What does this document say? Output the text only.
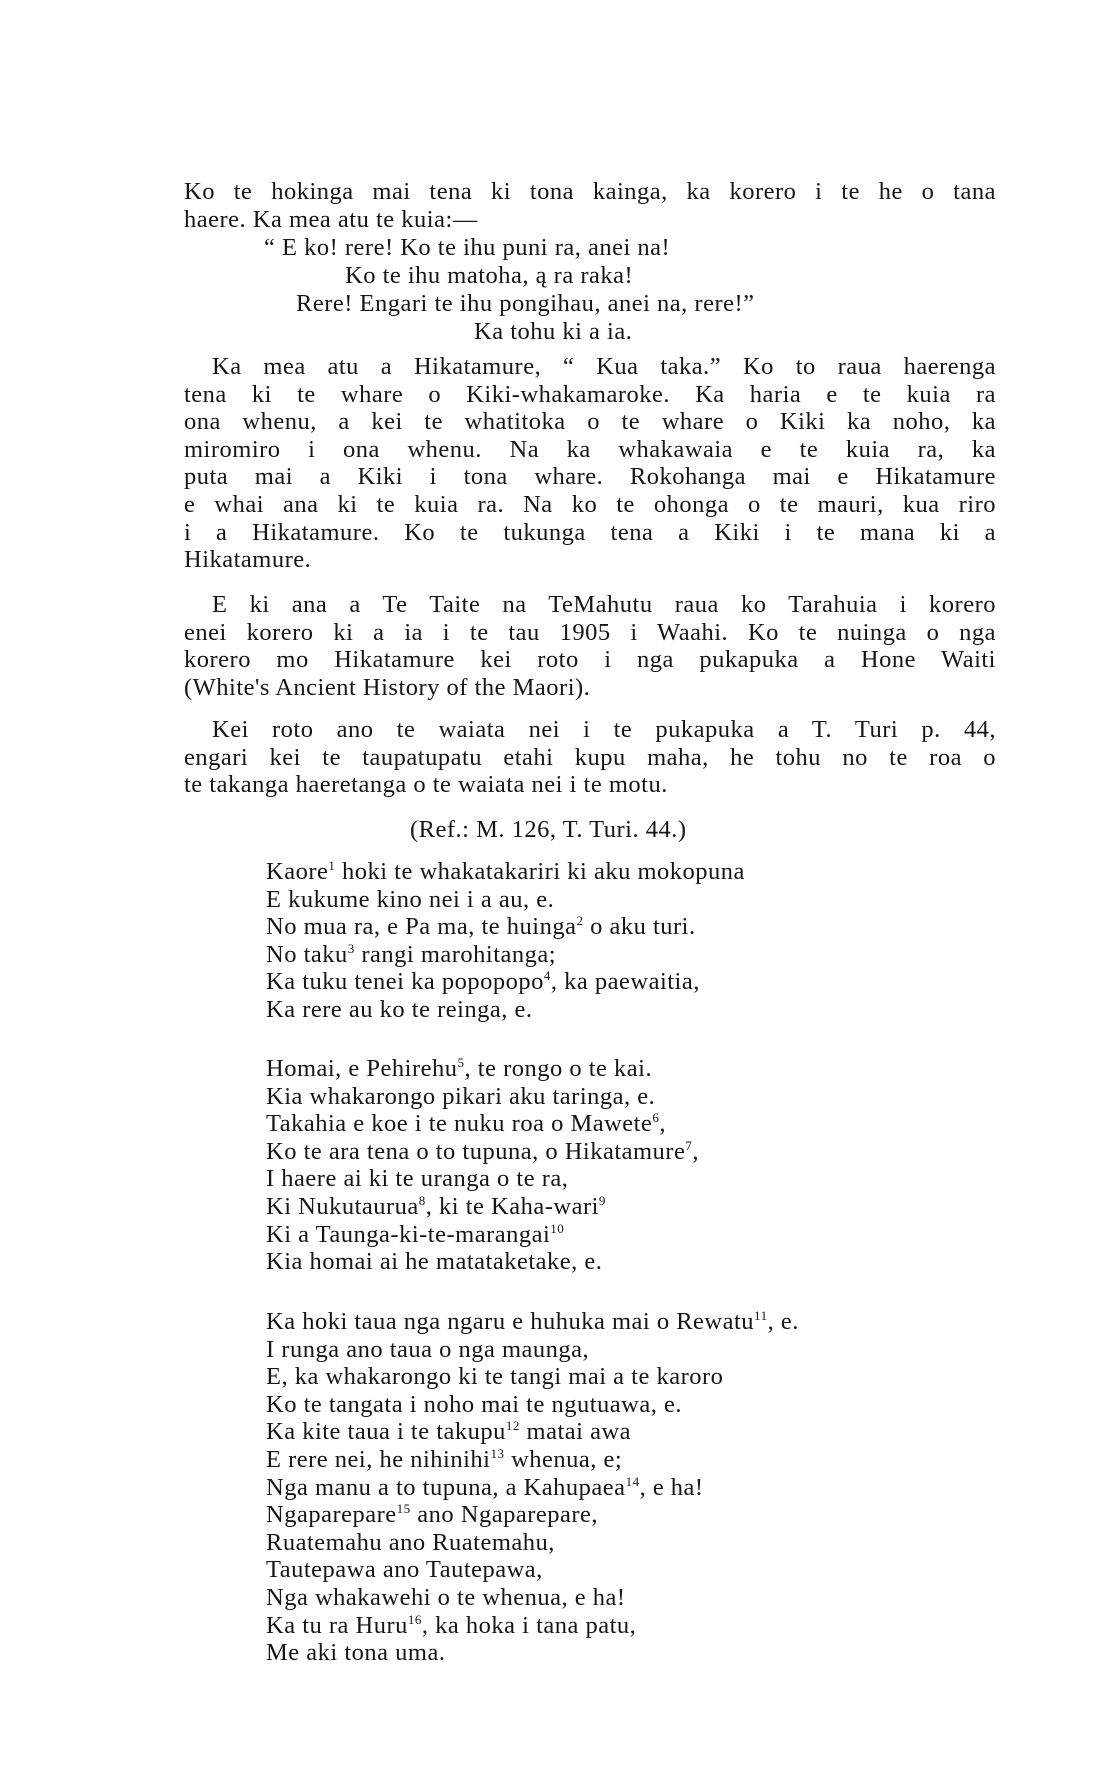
Ko te hokinga mai tena ki tona kainga, ka korero i te he o tana
haere. Ka mea atu te kuia:—

“ E ko! rere! Ko te ihu puni ra, anei na!

Ko te ihu matoha, ą ra raka!

Rere! Engari te ihu pongihau, anei na, rere!”

Ka tohu ki a ia.

Ka mea atu a Hikatamure, “ Kua taka.” Ko to raua haerenga
tena ki te whare o Kiki-whakamaroke. Ka haria e te kuia ra
ona whenu, a kei te whatitoka o te whare o Kiki ka noho, ka
miromiro i ona whenu. Na ka whakawaia e te kuia ra, ka
puta mai a Kiki i tona whare. Rokohanga mai e Hikatamure
e whai ana ki te kuia ra. Na ko te ohonga o te mauri, kua riro
i a Hikatamure. Ko te tukunga tena a Kiki i te mana ki a
Hikatamure.
E ki ana a Te Taite na TeMahutu raua ko Tarahuia i korero
enei korero ki a ia i te tau 1905 i Waahi. Ko te nuinga o nga
korero mo Hikatamure kei roto i nga pukapuka a Hone Waiti
(White's Ancient History of the Maori).
Kei roto ano te waiata nei i te pukapuka a T. Turi p. 44,
engari kei te taupatupatu etahi kupu maha, he tohu no te roa o
te takanga haeretanga o te waiata nei i te motu.

(Ref.: M. 126, T. Turi. 44.)

Kaore$^1$ hoki te whakatakariri ki aku mokopuna
E kukume kino nei i a au, e.
No mua ra, e Pa ma, te huinga$^2$ o aku turi.
No taku$^3$ rangi marohitanga;
Ka tuku tenei ka popopopo$^4$, ka paewaitia,
Ka rere au ko te reinga, e.
Homai, e Pehirehu$^5$, te rongo o te kai.
Kia whakarongo pikari aku taringa, e.
Takahia e koe i te nuku roa o Mawete$^6$,
Ko te ara tena o to tupuna, o Hikatamure$^7$,
I haere ai ki te uranga o te ra,
Ki Nukutaurua$^8$, ki te Kaha-wari$^9$
Ki a Taunga-ki-te-marangai$^{10}$
Kia homai ai he matataketake, e.
Ka hoki taua nga ngaru e huhuka mai o Rewatu$^{11}$, e.
I runga ano taua o nga maunga,
E, ka whakarongo ki te tangi mai a te karoro
Ko te tangata i noho mai te ngutuawa, e.
Ka kite taua i te takupu$^{12}$ matai awa
E rere nei, he nihinihi$^{13}$ whenua, e;
Nga manu a to tupuna, a Kahupaea$^{14}$, e ha!
Ngaparepare$^{15}$ ano Ngaparepare,
Ruatemahu ano Ruatemahu,
Tautepawa ano Tautepawa,
Nga whakawehi o te whenua, e ha!
Ka tu ra Huru$^{16}$, ka hoka i tana patu,
Me aki tona uma.
